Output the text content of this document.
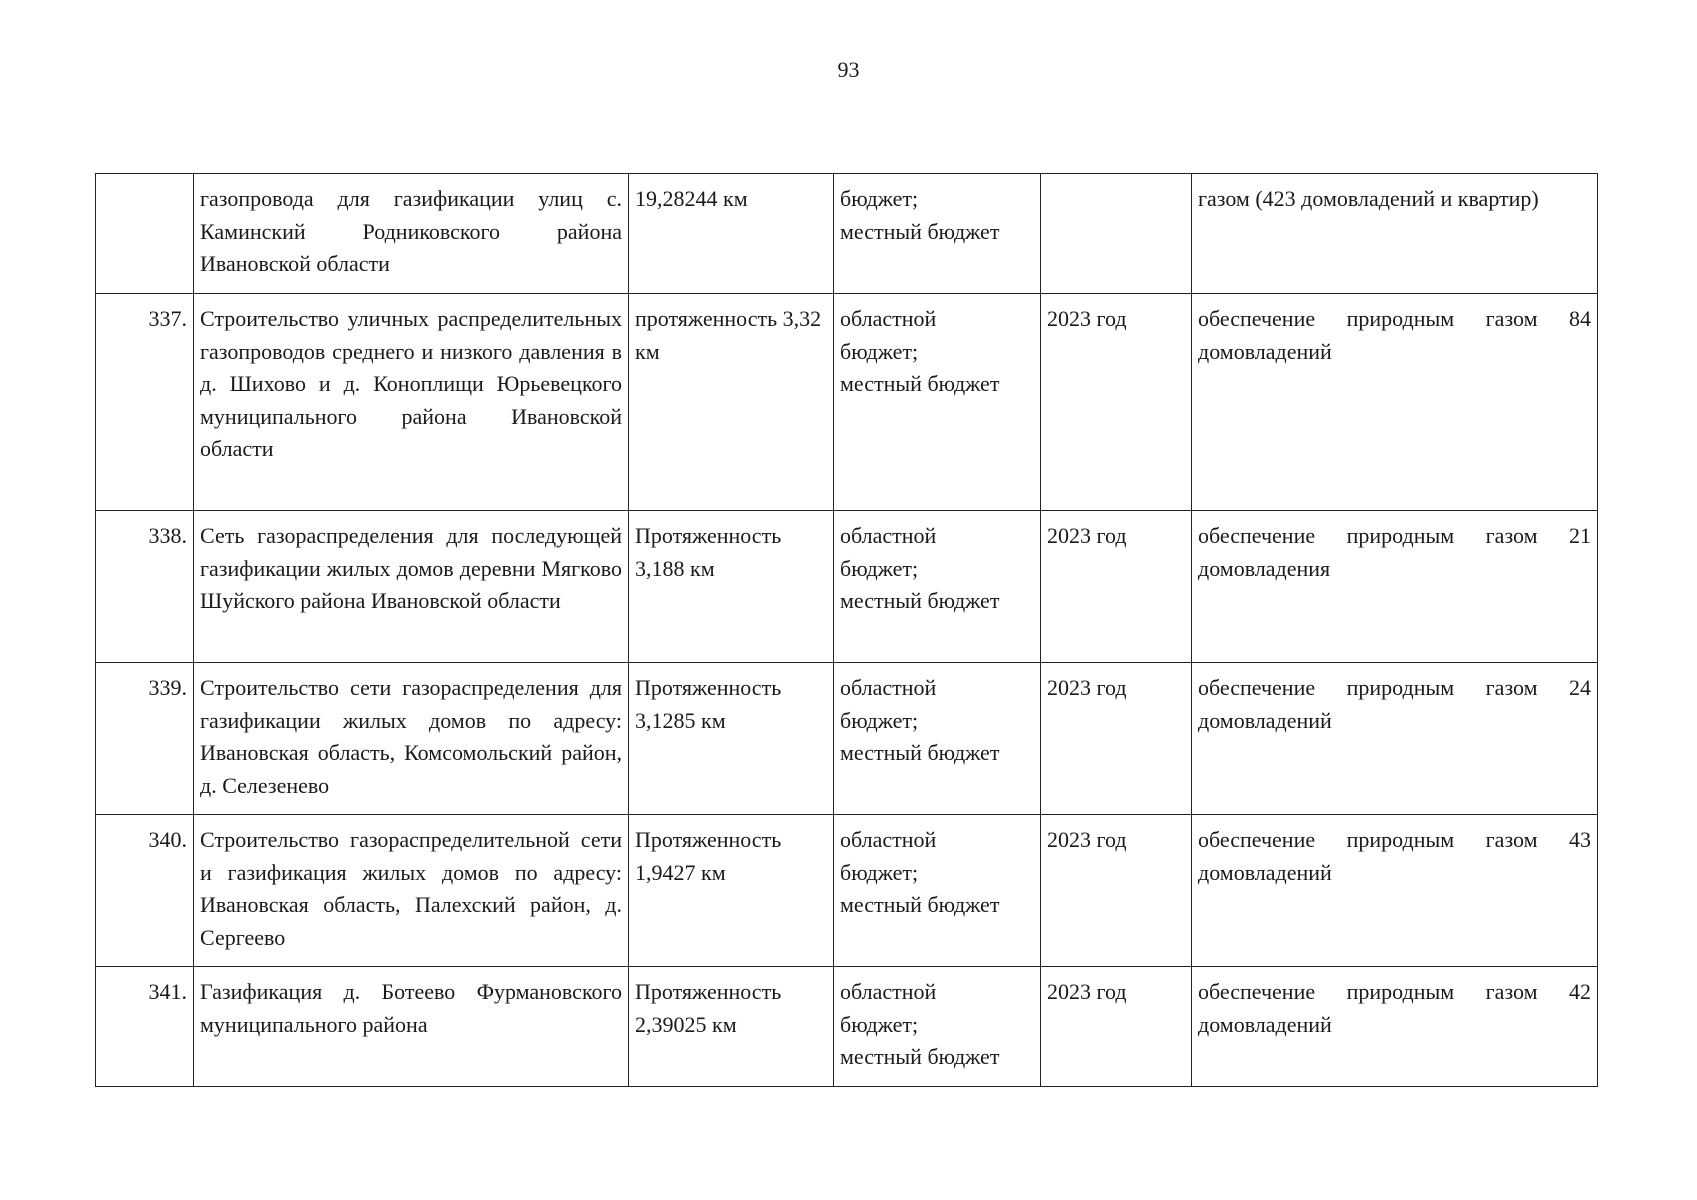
93
	газопровода для газификации улиц с. Каминский Родниковского района Ивановской области	19,28244 км	бюджет;
местный бюджет		газом (423 домовладений и квартир)
337.	Строительство уличных распределительных газопроводов среднего и низкого давления в д. Шихово и д. Коноплищи Юрьевецкого муниципального района Ивановской области	протяженность 3,32 км	областной
бюджет;
местный бюджет	2023 год	обеспечение природным газом 84 домовладений
338.	Сеть газораспределения для последующей газификации жилых домов деревни Мягково Шуйского района Ивановской области	Протяженность 3,188 км	областной
бюджет;
местный бюджет	2023 год	обеспечение природным газом 21 домовладения
339.	Строительство сети газораспределения для газификации жилых домов по адресу: Ивановская область, Комсомольский район, д. Селезенево	Протяженность 3,1285 км	областной
бюджет;
местный бюджет	2023 год	обеспечение природным газом 24 домовладений
340.	Строительство газораспределительной сети и газификация жилых домов по адресу: Ивановская область, Палехский район, д. Сергеево	Протяженность 1,9427 км	областной
бюджет;
местный бюджет	2023 год	обеспечение природным газом 43 домовладений
341.	Газификация д. Ботеево Фурмановского муниципального района	Протяженность 2,39025 км	областной
бюджет;
местный бюджет	2023 год	обеспечение природным газом 42 домовладений
